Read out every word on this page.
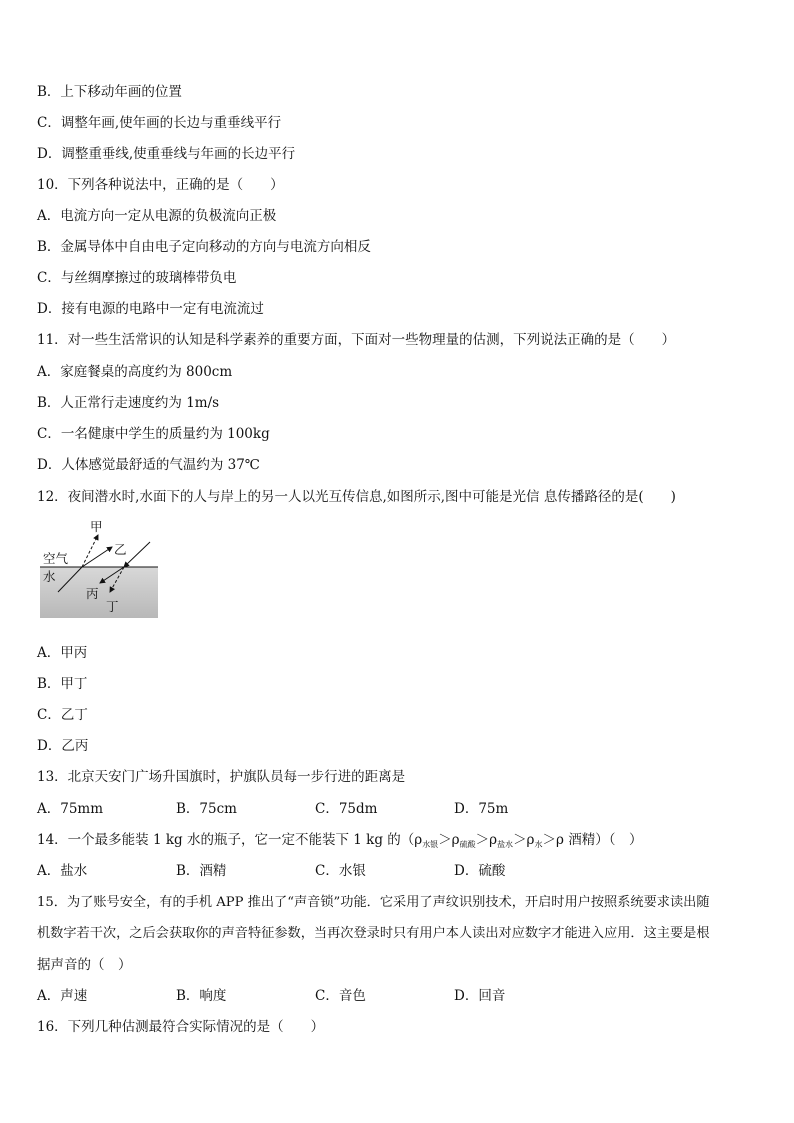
B．上下移动年画的位置
C．调整年画,使年画的长边与重垂线平行
D．调整重垂线,使重垂线与年画的长边平行
10．下列各种说法中，正确的是（　　）
A．电流方向一定从电源的负极流向正极
B．金属导体中自由电子定向移动的方向与电流方向相反
C．与丝绸摩擦过的玻璃棒带负电
D．接有电源的电路中一定有电流流过
11．对一些生活常识的认知是科学素养的重要方面，下面对一些物理量的估测，下列说法正确的是（　　）
A．家庭餐桌的高度约为 800cm
B．人正常行走速度约为 1m/s
C．一名健康中学生的质量约为 100kg
D．人体感觉最舒适的气温约为 37℃
12．夜间潜水时,水面下的人与岸上的另一人以光互传信息,如图所示,图中可能是光信 息传播路径的是(　　)
甲
乙
空气
水
丙
丁
A．甲丙
B．甲丁
C．乙丁
D．乙丙
13．北京天安门广场升国旗时，护旗队员每一步行进的距离是
A．75mm	B．75cm	C．75dm	D．75m
14．一个最多能装 1 kg 水的瓶子，它一定不能装下 1 kg 的（$\rho_{水银}>\rho_{硫酸}>\rho_{盐水}>\rho_水>\rho$ 酒精）（　）
A．盐水	B．酒精	C．水银	D．硫酸
15．为了账号安全，有的手机 APP 推出了“声音锁”功能．它采用了声纹识别技术，开启时用户按照系统要求读出随
机数字若干次，之后会获取你的声音特征参数，当再次登录时只有用户本人读出对应数字才能进入应用．这主要是根
据声音的（　）
A．声速	B．响度	C．音色	D．回音
16．下列几种估测最符合实际情况的是（　　）
